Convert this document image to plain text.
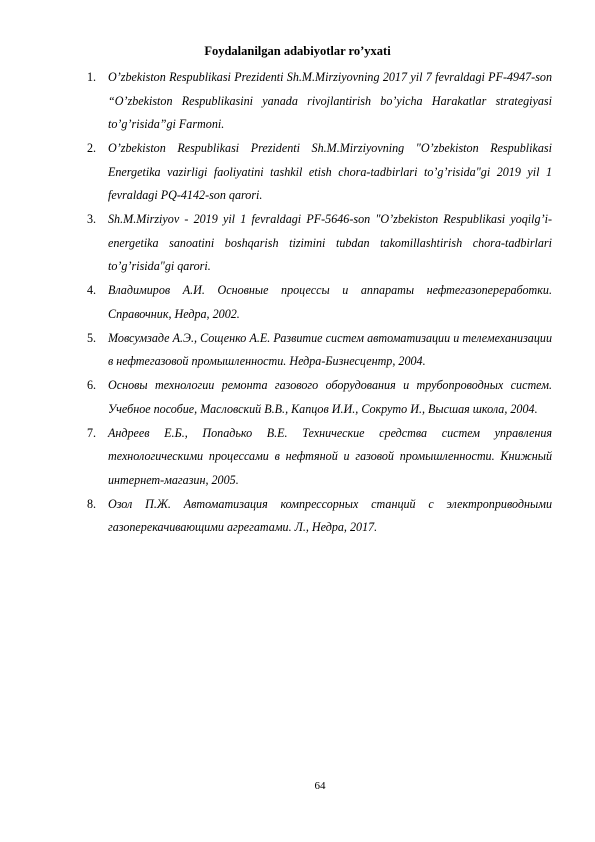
Foydalanilgan adabiyotlar ro’yxati
1. O’zbekiston Respublikasi Prezidenti Sh.M.Mirziyovning 2017 yil 7 fevraldagi PF-4947-son “O’zbekiston Respublikasini yanada rivojlantirish bo’yicha Harakatlar strategiyasi to’g’risida”gi Farmoni.
2. O’zbekiston Respublikasi Prezidenti Sh.M.Mirziyovning "O’zbekiston Respublikasi Energetika vazirligi faoliyatini tashkil etish chora-tadbirlari to’g’risida"gi 2019 yil 1 fevraldagi PQ-4142-son qarori.
3. Sh.M.Mirziyov - 2019 yil 1 fevraldagi PF-5646-son "O’zbekiston Respublikasi yoqilg’i-energetika sanoatini boshqarish tizimini tubdan takomillashtirish chora-tadbirlari to’g’risida"gi qarori.
4. Владимиров А.И. Основные процессы и аппараты нефтегазопереработки. Справочник, Недра, 2002.
5. Мовсумзаде А.Э., Сощенко А.Е. Развитие систем автоматизации и телемеханизации в нефтегазовой промышленности. Недра-Бизнесцентр, 2004.
6. Основы технологии ремонта газового оборудования и трубопроводных систем. Учебное пособие, Масловский В.В., Капцов И.И., Сокруто И., Высшая школа, 2004.
7. Андреев Е.Б., Попадько В.Е. Технические средства систем управления технологическими процессами в нефтяной и газовой промышленности. Книжный интернет-магазин, 2005.
8. Озол П.Ж. Автоматизация компрессорных станций с электроприводными газоперекачивающими агрегатами. Л., Недра, 2017.
64
